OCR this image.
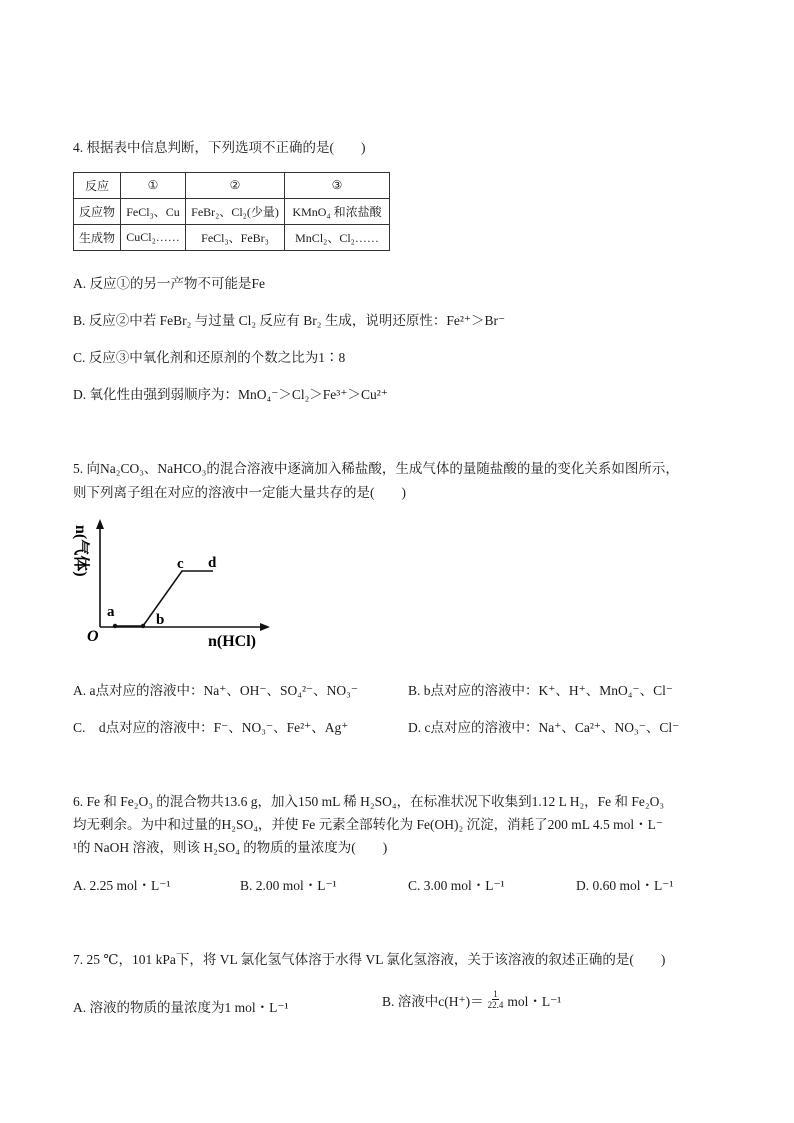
4. 根据表中信息判断，下列选项不正确的是(　　)
反应	①	②	③
反应物	FeCl₃、Cu	FeBr₂、Cl₂(少量)	KMnO₄ 和浓盐酸
生成物	CuCl₂……	FeCl₃、FeBr₃	MnCl₂、Cl₂……
A. 反应①的另一产物不可能是Fe
B. 反应②中若 FeBr₂ 与过量 Cl₂ 反应有 Br₂ 生成，说明还原性：Fe²⁺＞Br⁻
C. 反应③中氧化剂和还原剂的个数之比为1∶8
D. 氧化性由强到弱顺序为：MnO₄⁻＞Cl₂＞Fe³⁺＞Cu²⁺
5. 向Na₂CO₃、NaHCO₃的混合溶液中逐滴加入稀盐酸，生成气体的量随盐酸的量的变化关系如图所示，
则下列离子组在对应的溶液中一定能大量共存的是(　　)
a	b
c d
O	n(HCl)
n(气体)
A. a点对应的溶液中：Na⁺、OH⁻、SO₄²⁻、NO₃⁻	B. b点对应的溶液中：K⁺、H⁺、MnO₄⁻、Cl⁻
C.　d点对应的溶液中：F⁻、NO₃⁻、Fe²⁺、Ag⁺	D. c点对应的溶液中：Na⁺、Ca²⁺、NO₃⁻、Cl⁻
6. Fe 和 Fe₂O₃ 的混合物共13.6 g，加入150 mL 稀 H₂SO₄，在标准状况下收集到1.12 L H₂，Fe 和 Fe₂O₃
均无剩余。为中和过量的H₂SO₄，并使 Fe 元素全部转化为 Fe(OH)₂ 沉淀，消耗了200 mL 4.5 mol・L⁻
¹的 NaOH 溶液，则该 H₂SO₄ 的物质的量浓度为(　　)
A. 2.25 mol・L⁻¹	B. 2.00 mol・L⁻¹	C. 3.00 mol・L⁻¹	D. 0.60 mol・L⁻¹
7. 25 ℃，101 kPa下，将 VL 氯化氢气体溶于水得 VL 氯化氢溶液，关于该溶液的叙述正确的是(　　)
A. 溶液的物质的量浓度为1 mol・L⁻¹	B. 溶液中$c(H^+)= \frac{1}{22.4}$ mol・L⁻¹
